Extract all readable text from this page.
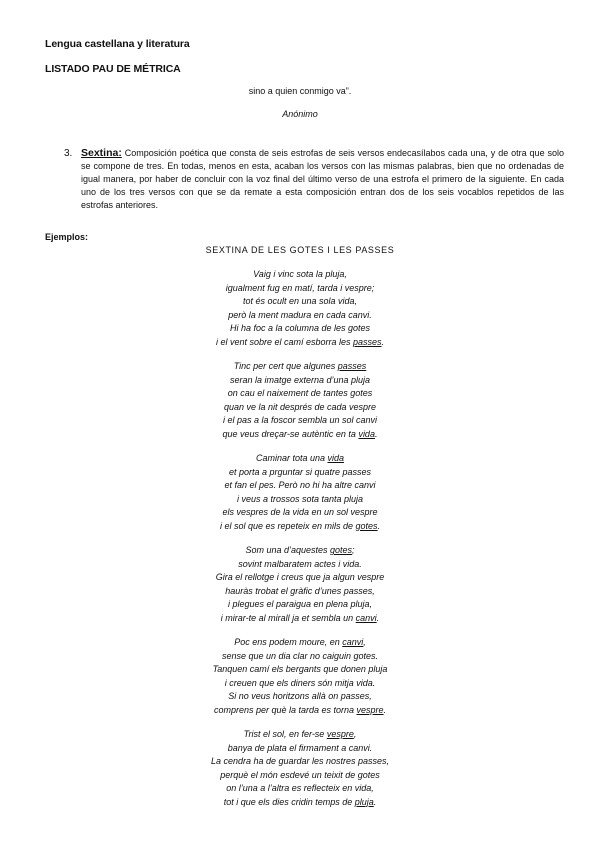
Lengua castellana y literatura
LISTADO PAU DE MÉTRICA
sino a quien conmigo va”.
Anónimo
3. Sextina: Composición poética que consta de seis estrofas de seis versos endecasílabos cada una, y de otra que solo se compone de tres. En todas, menos en esta, acaban los versos con las mismas palabras, bien que no ordenadas de igual manera, por haber de concluir con la voz final del último verso de una estrofa el primero de la siguiente. En cada uno de los tres versos con que se da remate a esta composición entran dos de los seis vocablos repetidos de las estrofas anteriores.
Ejemplos:
SEXTINA DE LES GOTES I LES PASSES
Vaig i vinc sota la pluja,
igualment fug en matí, tarda i vespre;
tot és ocult en una sola vida,
però la ment madura en cada canvi.
Hi ha foc a la columna de les gotes
i el vent sobre el camí esborra les passes.
Tinc per cert que algunes passes
seran la imatge externa d’una pluja
on cau el naixement de tantes gotes
quan ve la nit després de cada vespre
i el pas a la foscor sembla un sol canvi
que veus dreçar-se autèntic en ta vida.
Caminar tota una vida
et porta a prguntar si quatre passes
et fan el pes. Però no hi ha altre canvi
i veus a trossos sota tanta pluja
els vespres de la vida en un sol vespre
i el sol que es repeteix en mils de gotes.
Som una d’aquestes gotes;
sovint malbaratem actes i vida.
Gira el rellotge i creus que ja algun vespre
hauràs trobat el gràfic d’unes passes,
i plegues el paraigua en plena pluja,
i mirar-te al mirall ja et sembla un canvi.
Poc ens podem moure, en canvi,
sense que un dia clar no caiguin gotes.
Tanquen camí els bergants que donen pluja
i creuen que els diners són mitja vida.
Si no veus horitzons allà on passes,
comprens per què la tarda es torna vespre.
Trist el sol, en fer-se vespre,
banya de plata el firmament a canvi.
La cendra ha de guardar les nostres passes,
perquè el món esdevé un teixit de gotes
on l’una a l’altra es reflecteix en vida,
tot i que els dies cridin temps de pluja.
